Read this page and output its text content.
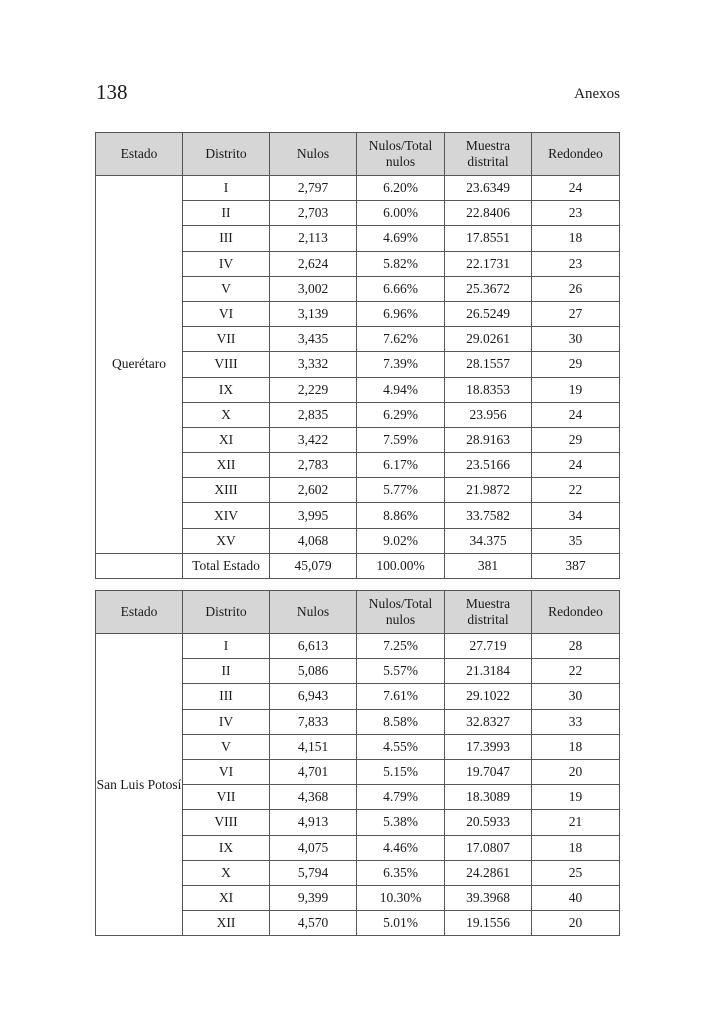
138	Anexos
Estado	Distrito	Nulos	Nulos/Total nulos	Muestra distrital	Redondeo
Querétaro	I	2,797	6.20%	23.6349	24
	II	2,703	6.00%	22.8406	23
	III	2,113	4.69%	17.8551	18
	IV	2,624	5.82%	22.1731	23
	V	3,002	6.66%	25.3672	26
	VI	3,139	6.96%	26.5249	27
	VII	3,435	7.62%	29.0261	30
	VIII	3,332	7.39%	28.1557	29
	IX	2,229	4.94%	18.8353	19
	X	2,835	6.29%	23.956	24
	XI	3,422	7.59%	28.9163	29
	XII	2,783	6.17%	23.5166	24
	XIII	2,602	5.77%	21.9872	22
	XIV	3,995	8.86%	33.7582	34
	XV	4,068	9.02%	34.375	35
	Total Estado	45,079	100.00%	381	387
Estado	Distrito	Nulos	Nulos/Total nulos	Muestra distrital	Redondeo
San Luis Potosí	I	6,613	7.25%	27.719	28
	II	5,086	5.57%	21.3184	22
	III	6,943	7.61%	29.1022	30
	IV	7,833	8.58%	32.8327	33
	V	4,151	4.55%	17.3993	18
	VI	4,701	5.15%	19.7047	20
	VII	4,368	4.79%	18.3089	19
	VIII	4,913	5.38%	20.5933	21
	IX	4,075	4.46%	17.0807	18
	X	5,794	6.35%	24.2861	25
	XI	9,399	10.30%	39.3968	40
	XII	4,570	5.01%	19.1556	20
